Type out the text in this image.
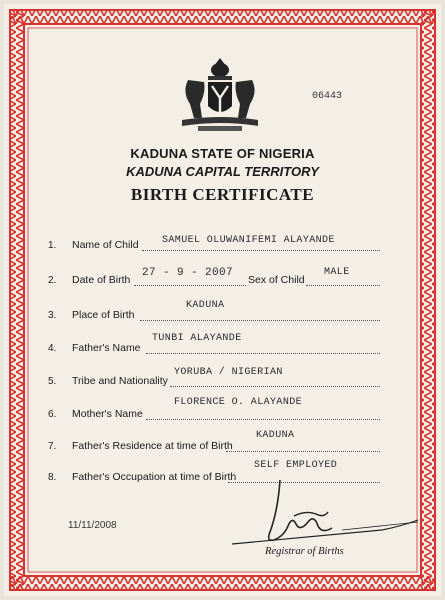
06443
KADUNA STATE OF NIGERIA
KADUNA CAPITAL TERRITORY
BIRTH CERTIFICATE
1. Name of Child SAMUEL OLUWANIFEMI ALAYANDE
2. Date of Birth
27 - 9 - 2007
Sex of Child
MALE
3. Place of Birth
KADUNA
4. Father's Name
TUNBI ALAYANDE
5. Tribe and Nationality
YORUBA / NIGERIAN
6. Mother's Name
FLORENCE O. ALAYANDE
7. Father's Residence at time of Birth
KADUNA
8. Father's Occupation at time of Birth
SELF EMPLOYED
11/11/2008
Registrar of Births
